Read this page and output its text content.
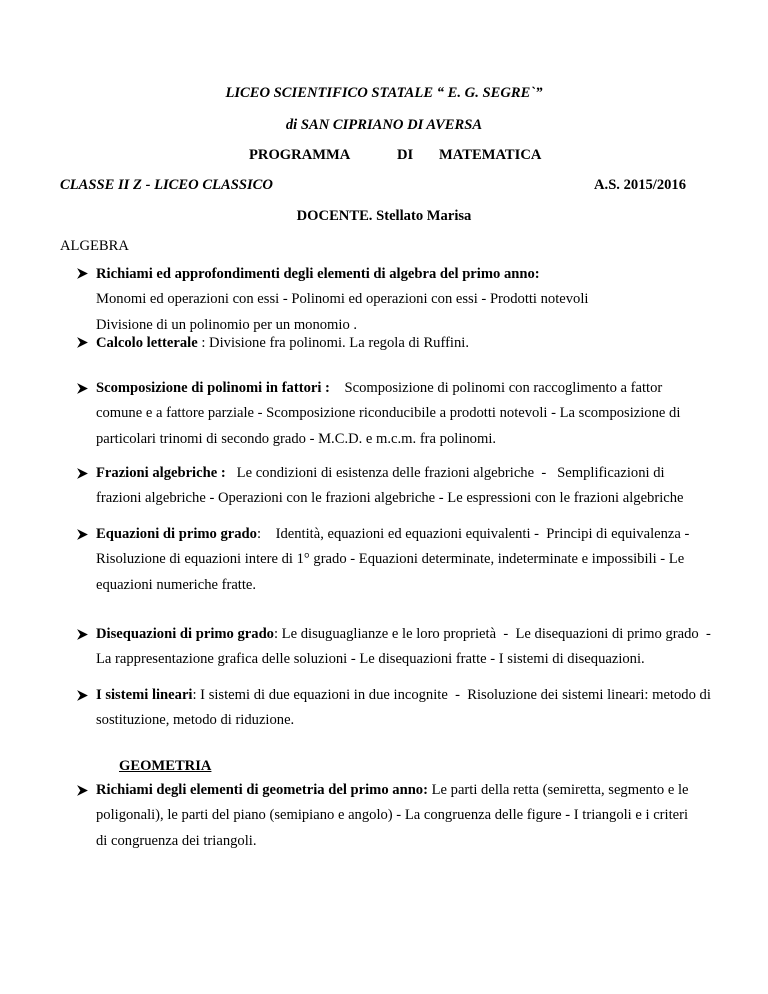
LICEO SCIENTIFICO STATALE “ E. G. SEGRE`”
di SAN CIPRIANO DI AVERSA
PROGRAMMA	DI MATEMATICA
CLASSE II Z - LICEO CLASSICO	A.S. 2015/2016
DOCENTE. Stellato Marisa
ALGEBRA
Richiami ed approfondimenti degli elementi di algebra del primo anno:
Monomi ed operazioni con essi - Polinomi ed operazioni con essi - Prodotti notevoli
Divisione di un polinomio per un monomio .
Calcolo letterale : Divisione fra polinomi. La regola di Ruffini.
Scomposizione di polinomi in fattori :    Scomposizione di polinomi con raccoglimento a fattor
comune e a fattore parziale - Scomposizione riconducibile a prodotti notevoli - La scomposizione di
particolari trinomi di secondo grado - M.C.D. e m.c.m. fra polinomi.
Frazioni algebriche :   Le condizioni di esistenza delle frazioni algebriche  -   Semplificazioni di
frazioni algebriche - Operazioni con le frazioni algebriche - Le espressioni con le frazioni algebriche
Equazioni di primo grado:    Identità, equazioni ed equazioni equivalenti -  Principi di equivalenza -
Risoluzione di equazioni intere di 1° grado - Equazioni determinate, indeterminate e impossibili - Le
equazioni numeriche fratte.
Disequazioni di primo grado: Le disuguaglianze e le loro proprietà  -  Le disequazioni di primo grado  -
La rappresentazione grafica delle soluzioni - Le disequazioni fratte - I sistemi di disequazioni.
I sistemi lineari: I sistemi di due equazioni in due incognite  -  Risoluzione dei sistemi lineari: metodo di
sostituzione, metodo di riduzione.
GEOMETRIA
Richiami degli elementi di geometria del primo anno: Le parti della retta (semiretta, segmento e le
poligonali), le parti del piano (semipiano e angolo) - La congruenza delle figure - I triangoli e i criteri
di congruenza dei triangoli.
